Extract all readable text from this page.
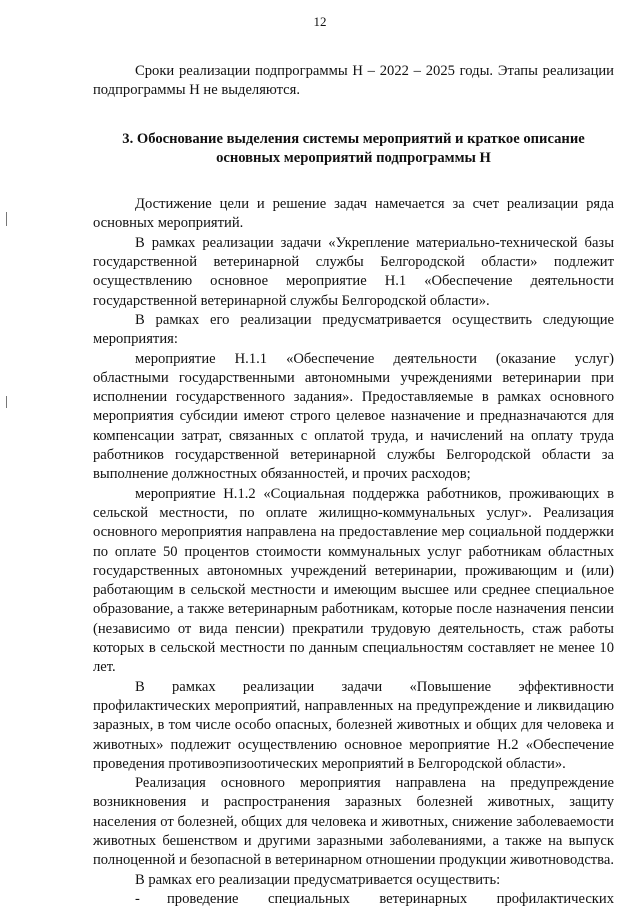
12

Сроки реализации подпрограммы Н – 2022 – 2025 годы. Этапы реализации подпрограммы Н не выделяются.

3. Обоснование выделения системы мероприятий и краткое описание основных мероприятий подпрограммы Н

Достижение цели и решение задач намечается за счет реализации ряда основных мероприятий.

В рамках реализации задачи «Укрепление материально-технической базы государственной ветеринарной службы Белгородской области» подлежит осуществлению основное мероприятие Н.1 «Обеспечение деятельности государственной ветеринарной службы Белгородской области».

В рамках его реализации предусматривается осуществить следующие мероприятия:

мероприятие Н.1.1 «Обеспечение деятельности (оказание услуг) областными государственными автономными учреждениями ветеринарии при исполнении государственного задания». Предоставляемые в рамках основного мероприятия субсидии имеют строго целевое назначение и предназначаются для компенсации затрат, связанных с оплатой труда, и начислений на оплату труда работников государственной ветеринарной службы Белгородской области за выполнение должностных обязанностей, и прочих расходов;

мероприятие Н.1.2 «Социальная поддержка работников, проживающих в сельской местности, по оплате жилищно-коммунальных услуг». Реализация основного мероприятия направлена на предоставление мер социальной поддержки по оплате 50 процентов стоимости коммунальных услуг работникам областных государственных автономных учреждений ветеринарии, проживающим и (или) работающим в сельской местности и имеющим высшее или среднее специальное образование, а также ветеринарным работникам, которые после назначения пенсии (независимо от вида пенсии) прекратили трудовую деятельность, стаж работы которых в сельской местности по данным специальностям составляет не менее 10 лет.

В рамках реализации задачи «Повышение эффективности профилактических мероприятий, направленных на предупреждение и ликвидацию заразных, в том числе особо опасных, болезней животных и общих для человека и животных» подлежит осуществлению основное мероприятие Н.2 «Обеспечение проведения противоэпизоотических мероприятий в Белгородской области».

Реализация основного мероприятия направлена на предупреждение возникновения и распространения заразных болезней животных, защиту населения от болезней, общих для человека и животных, снижение заболеваемости животных бешенством и другими заразными заболеваниями, а также на выпуск полноценной и безопасной в ветеринарном отношении продукции животноводства.

В рамках его реализации предусматривается осуществить:

-	проведение специальных ветеринарных профилактических
